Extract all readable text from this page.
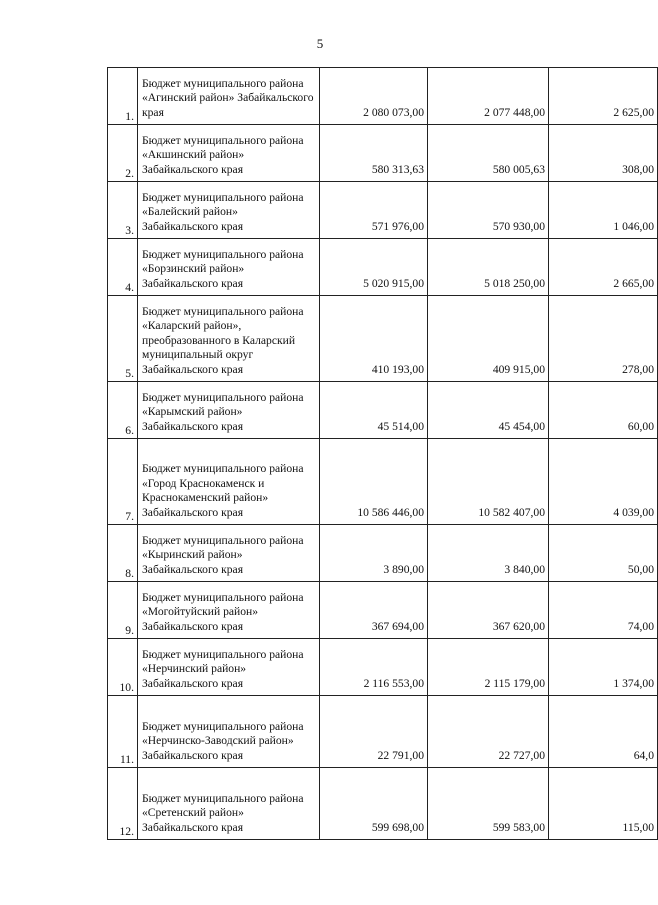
5
1.	Бюджет муниципального района «Агинский район» Забайкальского края	2 080 073,00	2 077 448,00	2 625,00
2.	Бюджет муниципального района «Акшинский район» Забайкальского края	580 313,63	580 005,63	308,00
3.	Бюджет муниципального района «Балейский район» Забайкальского края	571 976,00	570 930,00	1 046,00
4.	Бюджет муниципального района «Борзинский район» Забайкальского края	5 020 915,00	5 018 250,00	2 665,00
5.	Бюджет муниципального района «Каларский район», преобразованного в Каларский муниципальный округ Забайкальского края	410 193,00	409 915,00	278,00
6.	Бюджет муниципального района «Карымский район» Забайкальского края	45 514,00	45 454,00	60,00
7.	Бюджет муниципального района «Город Краснокаменск и Краснокаменский район» Забайкальского края	10 586 446,00	10 582 407,00	4 039,00
8.	Бюджет муниципального района «Кыринский район» Забайкальского края	3 890,00	3 840,00	50,00
9.	Бюджет муниципального района «Могойтуйский район» Забайкальского края	367 694,00	367 620,00	74,00
10.	Бюджет муниципального района «Нерчинский район» Забайкальского края	2 116 553,00	2 115 179,00	1 374,00
11.	Бюджет муниципального района «Нерчинско-Заводский район» Забайкальского края	22 791,00	22 727,00	64,0
12.	Бюджет муниципального района «Сретенский район» Забайкальского края	599 698,00	599 583,00	115,00
